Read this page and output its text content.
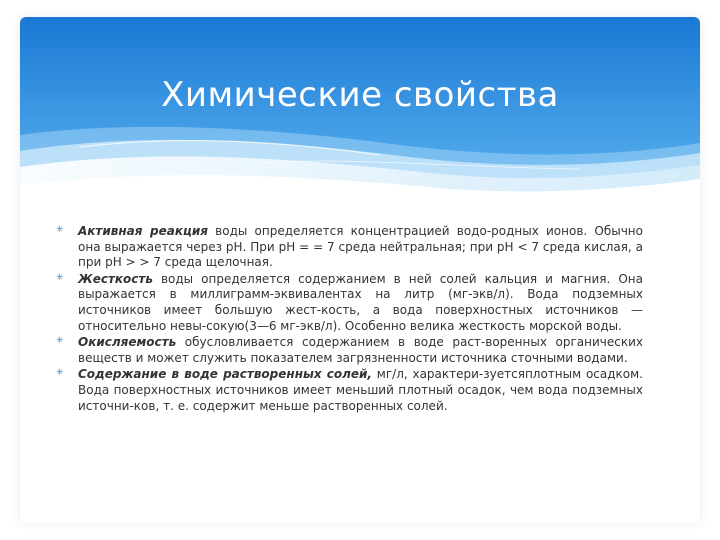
Химические свойства
✳ Активная реакция воды определяется концентрацией водо-родных ионов. Обычно она выражается через рН. При рН = = 7 среда нейтральная; при рН < 7 среда кислая, а при рН > > 7 среда щелочная.

✳ Жесткость воды определяется содержанием в ней солей кальция и магния. Она выражается в миллиграмм-эквивалентах на литр (мг-экв/л). Вода подземных источников имеет большую жест-кость, а вода поверхностных источников — относительно невы-сокую(3—6 мг-экв/л). Особенно велика жесткость морской воды.

✳ Окисляемость обусловливается содержанием в воде раст-воренных органических веществ и может служить показателем загрязненности источника сточными водами.

✳ Содержание в воде растворенных солей, мг/л, характери-зуетсяплотным осадком. Вода поверхностных источников имеет меньший плотный осадок, чем вода подземных источни-ков, т. е. содержит меньше растворенных солей.
